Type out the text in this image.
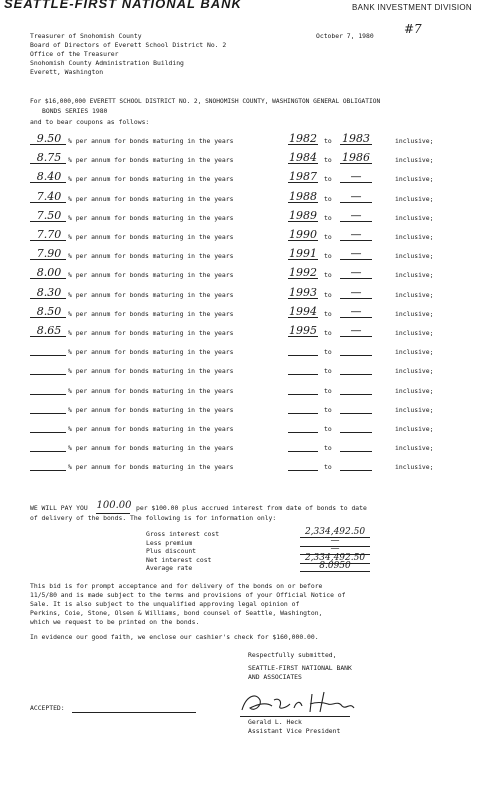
SEATTLE-FIRST NATIONAL BANK	BANK INVESTMENT DIVISION
October 7, 1980	#7
Treasurer of Snohomish County
Board of Directors of Everett School District No. 2
Office of the Treasurer
Snohomish County Administration Building
Everett, Washington
For $16,000,000 EVERETT SCHOOL DISTRICT NO. 2, SNOHOMISH COUNTY, WASHINGTON GENERAL OBLIGATION
BONDS SERIES 1980
and to bear coupons as follows:
9.50	% per annum for bonds maturing in the years	1982	to 1983	inclusive;
8.75	% per annum for bonds maturing in the years	1984	to 1986	inclusive;
8.40	% per annum for bonds maturing in the years	1987	to	—	inclusive;
7.40	% per annum for bonds maturing in the years	1988	to	—	inclusive;
7.50	% per annum for bonds maturing in the years	1989	to	—	inclusive;
7.70	% per annum for bonds maturing in the years	1990	to	—	inclusive;
7.90	% per annum for bonds maturing in the years	1991	to	—	inclusive;
8.00	% per annum for bonds maturing in the years	1992	to	—	inclusive;
8.30	% per annum for bonds maturing in the years	1993	to	—	inclusive;
8.50	% per annum for bonds maturing in the years	1994	to	—	inclusive;
8.65	% per annum for bonds maturing in the years	1995	to	—	inclusive;
% per annum for bonds maturing in the years	to	inclusive;
% per annum for bonds maturing in the years	to	inclusive;
% per annum for bonds maturing in the years	to	inclusive;
% per annum for bonds maturing in the years	to	inclusive;
% per annum for bonds maturing in the years	to	inclusive;
% per annum for bonds maturing in the years	to	inclusive;
% per annum for bonds maturing in the years	to	inclusive;
WE WILL PAY YOU 100.00 per $100.00 plus accrued interest from date of bonds to date
of delivery of the bonds. The following is for information only:
Gross interest cost	2,334,492.50
Less premium	—
Plus discount	—
Net interest cost	2,334,492.50
Average rate	8.0950
This bid is for prompt acceptance and for delivery of the bonds on or before
11/5/80 and is made subject to the terms and provisions of your Official Notice of
Sale. It is also subject to the unqualified approving legal opinion of
Perkins, Coie, Stone, Olsen & Williams, bond counsel of Seattle, Washington,
which we request to be printed on the bonds.
In evidence our good faith, we enclose our cashier's check for $160,000.00.
Respectfully submitted,
SEATTLE-FIRST NATIONAL BANK
AND ASSOCIATES
ACCEPTED:
Gerald L. Heck
Assistant Vice President
